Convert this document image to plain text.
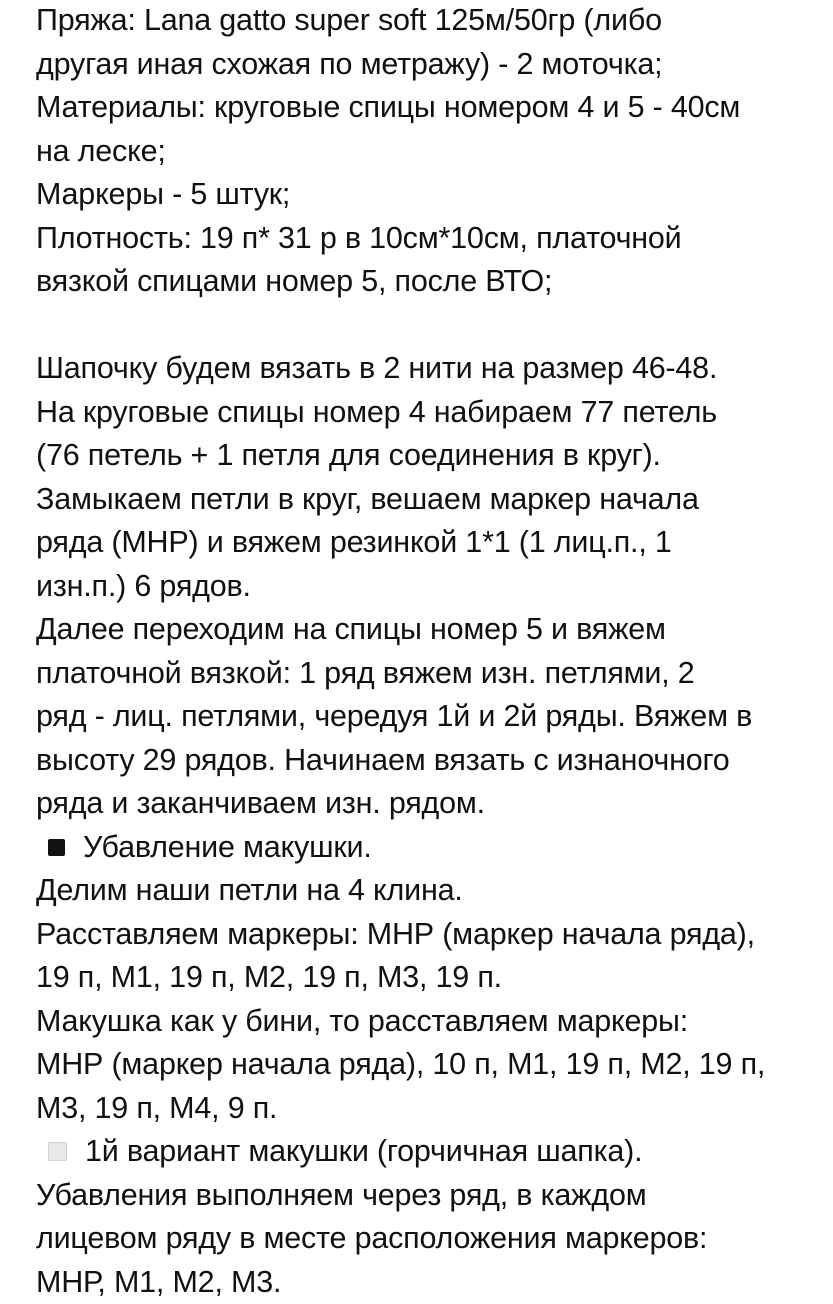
Пряжа: Lana gatto super soft 125м/50гр (либо
другая иная схожая по метражу) - 2 моточка;
Материалы: круговые спицы номером 4 и 5 - 40см
на леске;
Маркеры - 5 штук;
Плотность: 19 п* 31 р в 10см*10см, платочной
вязкой спицами номер 5, после ВТО;
Шапочку будем вязать в 2 нити на размер 46-48.
На круговые спицы номер 4 набираем 77 петель
(76 петель + 1 петля для соединения в круг).
Замыкаем петли в круг, вешаем маркер начала
ряда (МНР) и вяжем резинкой 1*1 (1 лиц.п., 1
изн.п.) 6 рядов.
Далее переходим на спицы номер 5 и вяжем
платочной вязкой: 1 ряд вяжем изн. петлями, 2
ряд - лиц. петлями, чередуя 1й и 2й ряды. Вяжем в
высоту 29 рядов. Начинаем вязать с изнаночного
ряда и заканчиваем изн. рядом.
Убавление макушки.
Делим наши петли на 4 клина.
Расставляем маркеры: МНР (маркер начала ряда),
19 п, М1, 19 п, М2, 19 п, М3, 19 п.
Макушка как у бини, то расставляем маркеры:
МНР (маркер начала ряда), 10 п, М1, 19 п, М2, 19 п,
М3, 19 п, М4, 9 п.
1й вариант макушки (горчичная шапка).
Убавления выполняем через ряд, в каждом
лицевом ряду в месте расположения маркеров:
МНР, М1, М2, М3.
